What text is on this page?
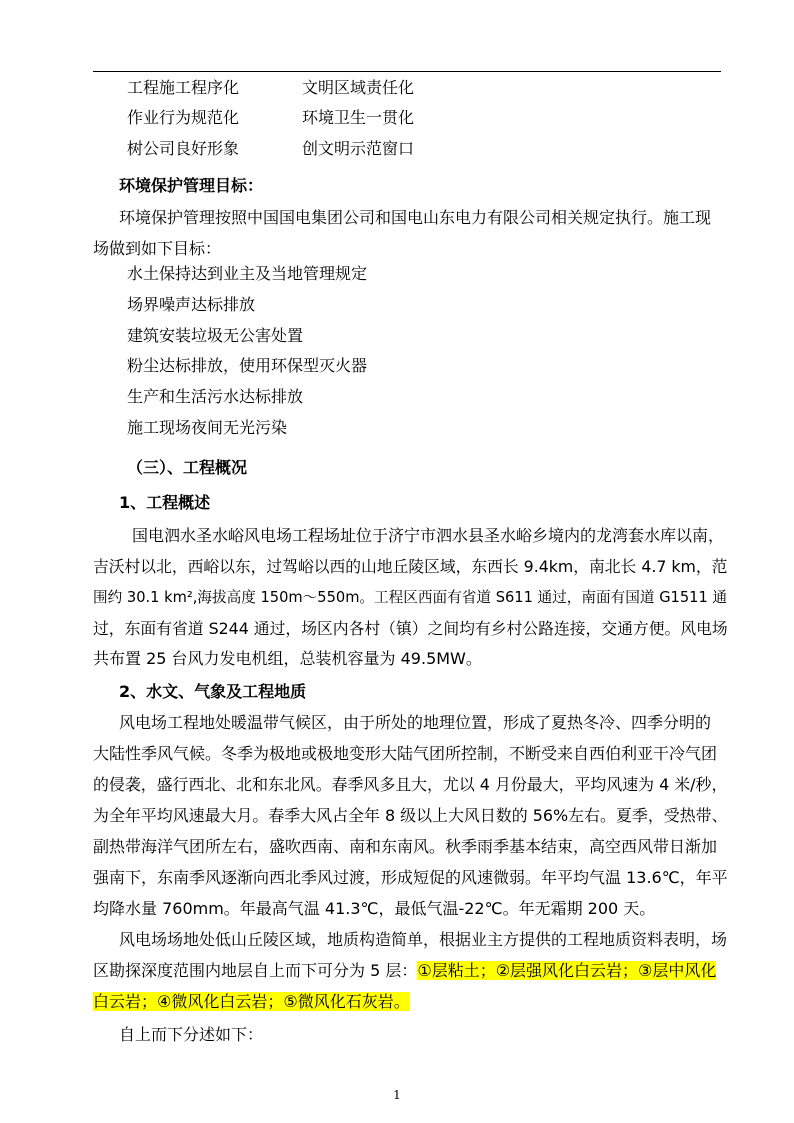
工程施工程序化	文明区域责任化
作业行为规范化	环境卫生一贯化
树公司良好形象	创文明示范窗口
环境保护管理目标：
环境保护管理按照中国国电集团公司和国电山东电力有限公司相关规定执行。施工现
场做到如下目标：
水土保持达到业主及当地管理规定
场界噪声达标排放
建筑安装垃圾无公害处置
粉尘达标排放，使用环保型灭火器
生产和生活污水达标排放
施工现场夜间无光污染
（三）、工程概况
1、工程概述
国电泗水圣水峪风电场工程场址位于济宁市泗水县圣水峪乡境内的龙湾套水库以南，
吉沃村以北，西峪以东，过驾峪以西的山地丘陵区域，东西长 9.4km，南北长 4.7 km，范
围约 30.1 km²,海拔高度 150m～550m。工程区西面有省道 S611 通过，南面有国道 G1511 通
过，东面有省道 S244 通过，场区内各村（镇）之间均有乡村公路连接，交通方便。风电场
共布置 25 台风力发电机组，总装机容量为 49.5MW。
2、水文、气象及工程地质
风电场工程地处暖温带气候区，由于所处的地理位置，形成了夏热冬冷、四季分明的
大陆性季风气候。冬季为极地或极地变形大陆气团所控制，不断受来自西伯利亚干冷气团
的侵袭，盛行西北、北和东北风。春季风多且大，尤以 4 月份最大，平均风速为 4 米/秒，
为全年平均风速最大月。春季大风占全年 8 级以上大风日数的 56%左右。夏季，受热带、
副热带海洋气团所左右，盛吹西南、南和东南风。秋季雨季基本结束，高空西风带日渐加
强南下，东南季风逐渐向西北季风过渡，形成短促的风速微弱。年平均气温 13.6℃，年平
均降水量 760mm。年最高气温 41.3℃，最低气温-22℃。年无霜期 200 天。
风电场场地处低山丘陵区域，地质构造简单，根据业主方提供的工程地质资料表明，场
区勘探深度范围内地层自上而下可分为 5 层：①层粘土；②层强风化白云岩；③层中风化
白云岩；④微风化白云岩；⑤微风化石灰岩。
自上而下分述如下：
1
